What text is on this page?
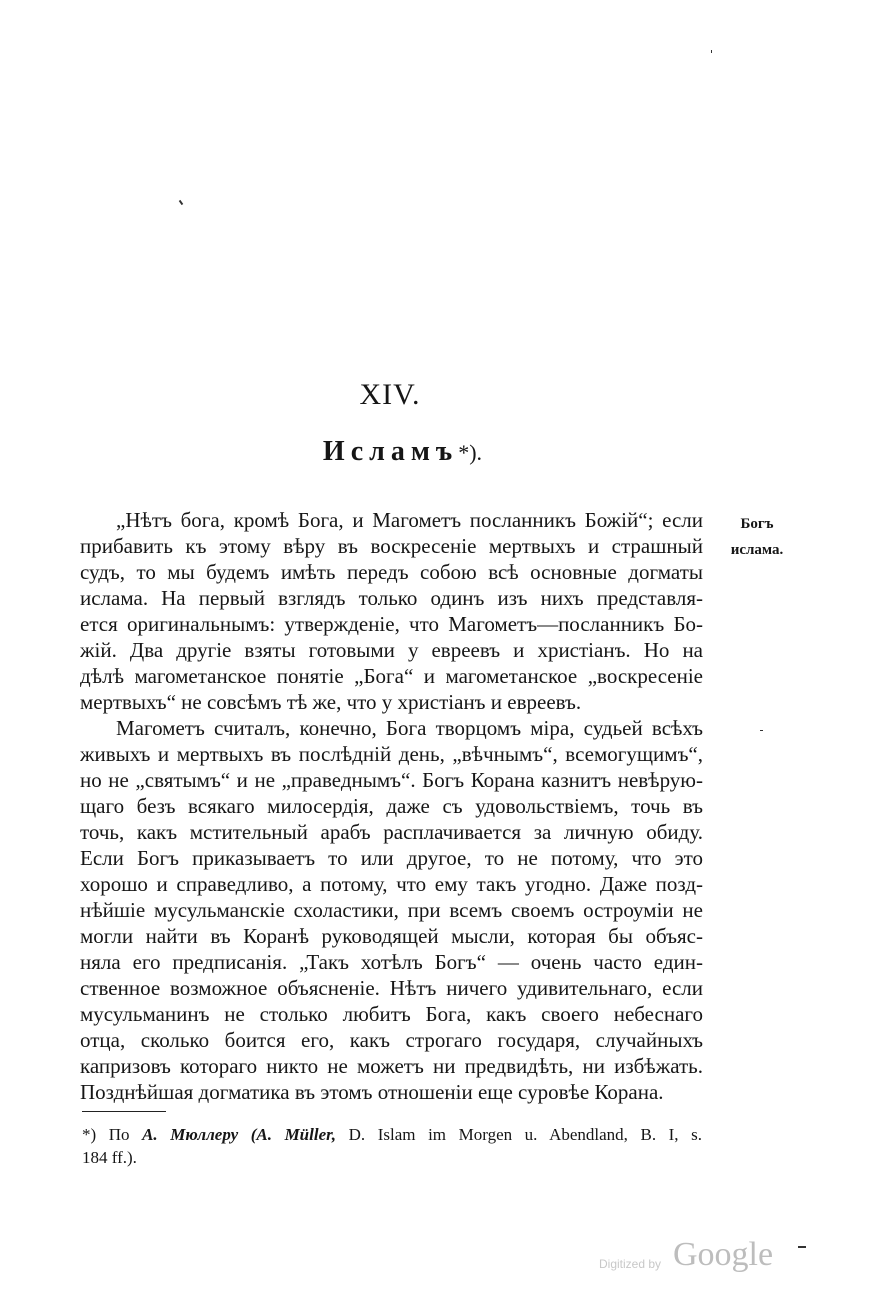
XIV.
Исламъ*).
Богъ
ислама.
„Нѣтъ бога, кромѣ Бога, и Магометъ посланникъ Божій“; если
прибавить къ этому вѣру въ воскресеніе мертвыхъ и страшный
судъ, то мы будемъ имѣть передъ собою всѣ основные догматы
ислама. На первый взглядъ только одинъ изъ нихъ представля-
ется оригинальнымъ: утвержденіе, что Магометъ—посланникъ Бо-
жій. Два другіе взяты готовыми у евреевъ и христіанъ. Но на
дѣлѣ магометанское понятіе „Бога“ и магометанское „воскресеніе
мертвыхъ“ не совсѣмъ тѣ же, что у христіанъ и евреевъ.
Магометъ считалъ, конечно, Бога творцомъ міра, судьей всѣхъ
живыхъ и мертвыхъ въ послѣдній день, „вѣчнымъ“, всемогущимъ“,
но не „святымъ“ и не „праведнымъ“. Богъ Корана казнитъ невѣрую-
щаго безъ всякаго милосердія, даже съ удовольствіемъ, точь въ
точь, какъ мстительный арабъ расплачивается за личную обиду.
Если Богъ приказываетъ то или другое, то не потому, что это
хорошо и справедливо, а потому, что ему такъ угодно. Даже позд-
нѣйшіе мусульманскіе схоластики, при всемъ своемъ остроуміи не
могли найти въ Коранѣ руководящей мысли, которая бы объяс-
няла его предписанія. „Такъ хотѣлъ Богъ“ — очень часто един-
ственное возможное объясненіе. Нѣтъ ничего удивительнаго, если
мусульманинъ не столько любитъ Бога, какъ своего небеснаго
отца, сколько боится его, какъ строгаго государя, случайныхъ
капризовъ котораго никто не можетъ ни предвидѣть, ни избѣжать.
Позднѣйшая догматика въ этомъ отношеніи еще суровѣе Корана.
*) По А. Мюллеру (А. Müller, D. Islam im Morgen u. Abendland, B. I, s.
184 ff.).
Digitized by Google
